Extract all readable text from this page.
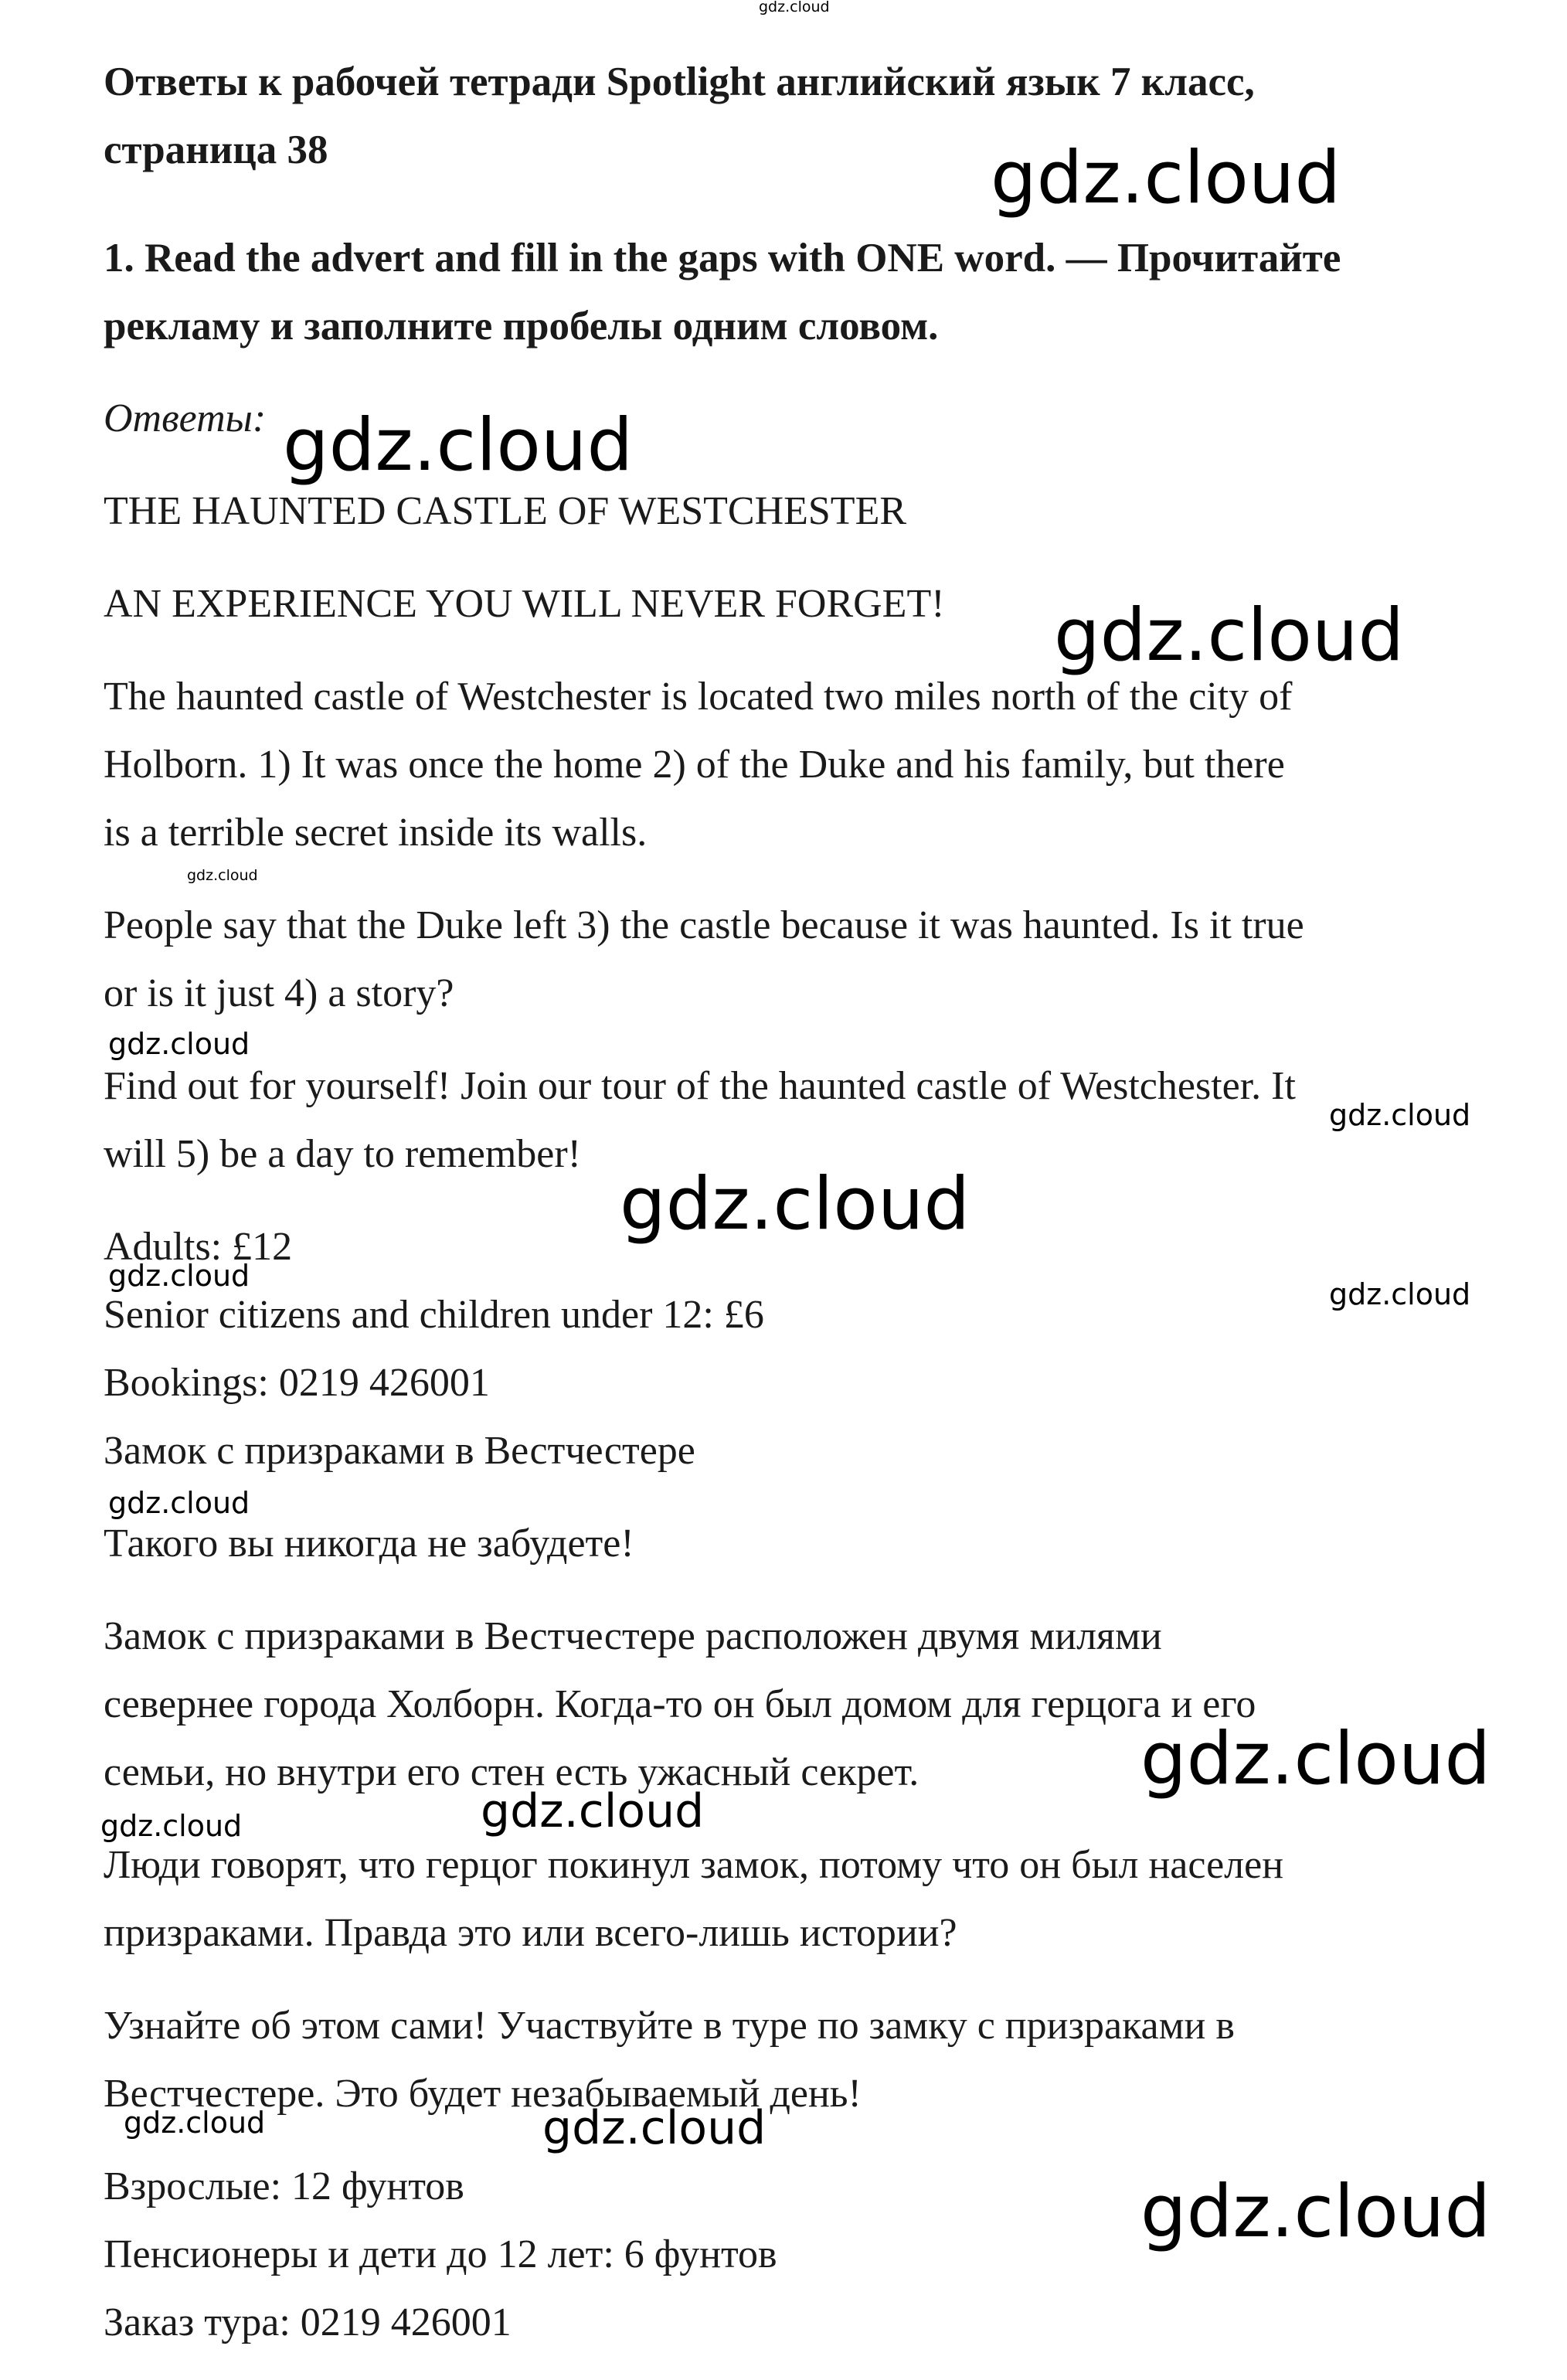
Ответы к рабочей тетради Spotlight английский язык 7 класс,

страница 38

1. Read the advert and fill in the gaps with ONE word. — Прочитайте

рекламу и заполните пробелы одним словом.

Ответы:

THE HAUNTED CASTLE OF WESTCHESTER

AN EXPERIENCE YOU WILL NEVER FORGET!

The haunted castle of Westchester is located two miles north of the city of

Holborn. 1) It was once the home 2) of the Duke and his family, but there

is a terrible secret inside its walls.

People say that the Duke left 3) the castle because it was haunted. Is it true

or is it just 4) a story?

Find out for yourself! Join our tour of the haunted castle of Westchester. It

will 5) be a day to remember!

Adults: £12

Senior citizens and children under 12: £6

Bookings: 0219 426001

Замок с призраками в Вестчестере

Такого вы никогда не забудете!

Замок с призраками в Вестчестере расположен двумя милями

севернее города Холборн. Когда-то он был домом для герцога и его

семьи, но внутри его стен есть ужасный секрет.

Люди говорят, что герцог покинул замок, потому что он был населен

призраками. Правда это или всего-лишь истории?

Узнайте об этом сами! Участвуйте в туре по замку с призраками в

Вестчестере. Это будет незабываемый день!

Взрослые: 12 фунтов

Пенсионеры и дети до 12 лет: 6 фунтов

Заказ тура: 0219 426001

gdz.cloud
gdz.cloud
gdz.cloud
gdz.cloud
gdz.cloud
gdz.cloud
gdz.cloud
gdz.cloud
gdz.cloud
gdz.cloud
gdz.cloud
gdz.cloud
gdz.cloud
gdz.cloud
gdz.cloud	gdz.cloud
gdz.cloud
